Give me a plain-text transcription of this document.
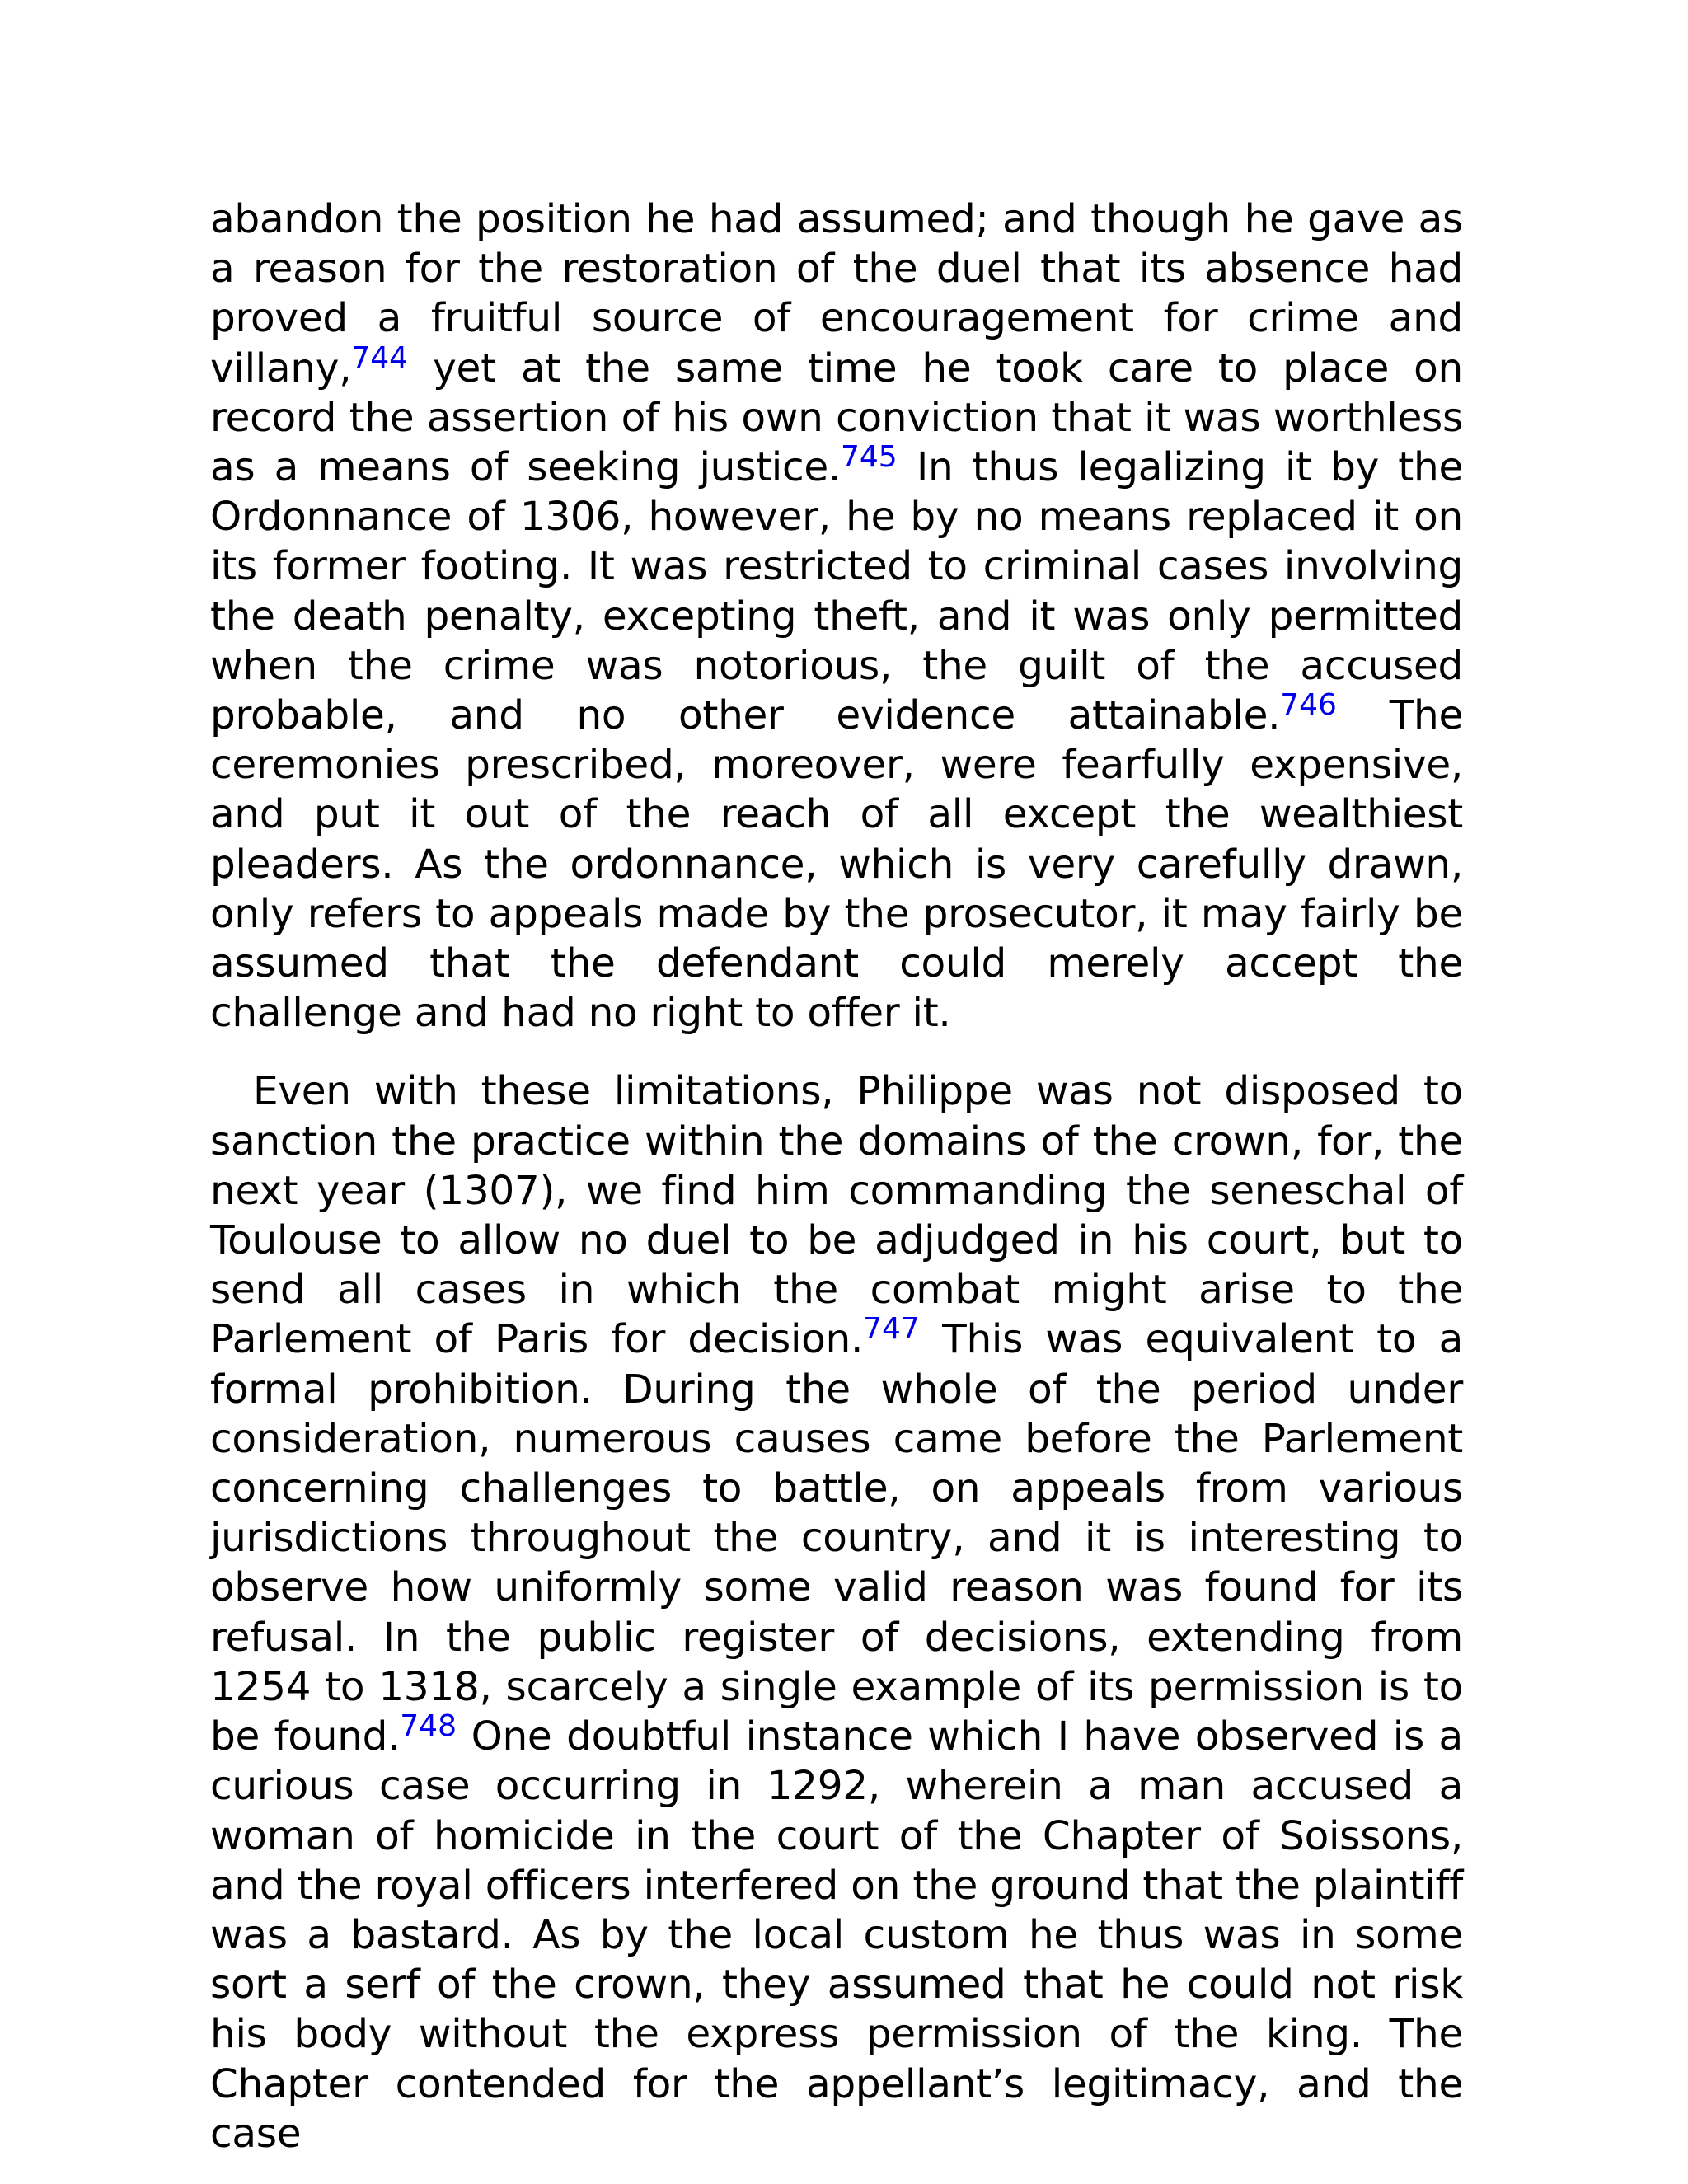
abandon the position he had assumed; and though he gave as a reason for the restoration of the duel that its absence had proved a fruitful source of encouragement for crime and villany,$^{744}$ yet at the same time he took care to place on record the assertion of his own conviction that it was worthless as a means of seeking justice.$^{745}$ In thus legalizing it by the Ordonnance of 1306, however, he by no means replaced it on its former footing. It was restricted to criminal cases involving the death penalty, excepting theft, and it was only permitted when the crime was notorious, the guilt of the accused probable, and no other evidence attainable.$^{746}$ The ceremonies prescribed, moreover, were fearfully expensive, and put it out of the reach of all except the wealthiest pleaders. As the ordonnance, which is very carefully drawn, only refers to appeals made by the prosecutor, it may fairly be assumed that the defendant could merely accept the challenge and had no right to offer it.

Even with these limitations, Philippe was not disposed to sanction the practice within the domains of the crown, for, the next year (1307), we find him commanding the seneschal of Toulouse to allow no duel to be adjudged in his court, but to send all cases in which the combat might arise to the Parlement of Paris for decision.$^{747}$ This was equivalent to a formal prohibition. During the whole of the period under consideration, numerous causes came before the Parlement concerning challenges to battle, on appeals from various jurisdictions throughout the country, and it is interesting to observe how uniformly some valid reason was found for its refusal. In the public register of decisions, extending from 1254 to 1318, scarcely a single example of its permission is to be found.$^{748}$ One doubtful instance which I have observed is a curious case occurring in 1292, wherein a man accused a woman of homicide in the court of the Chapter of Soissons, and the royal officers interfered on the ground that the plaintiff was a bastard. As by the local custom he thus was in some sort a serf of the crown, they assumed that he could not risk his body without the express permission of the king. The Chapter contended for the appellant’s legitimacy, and the case
